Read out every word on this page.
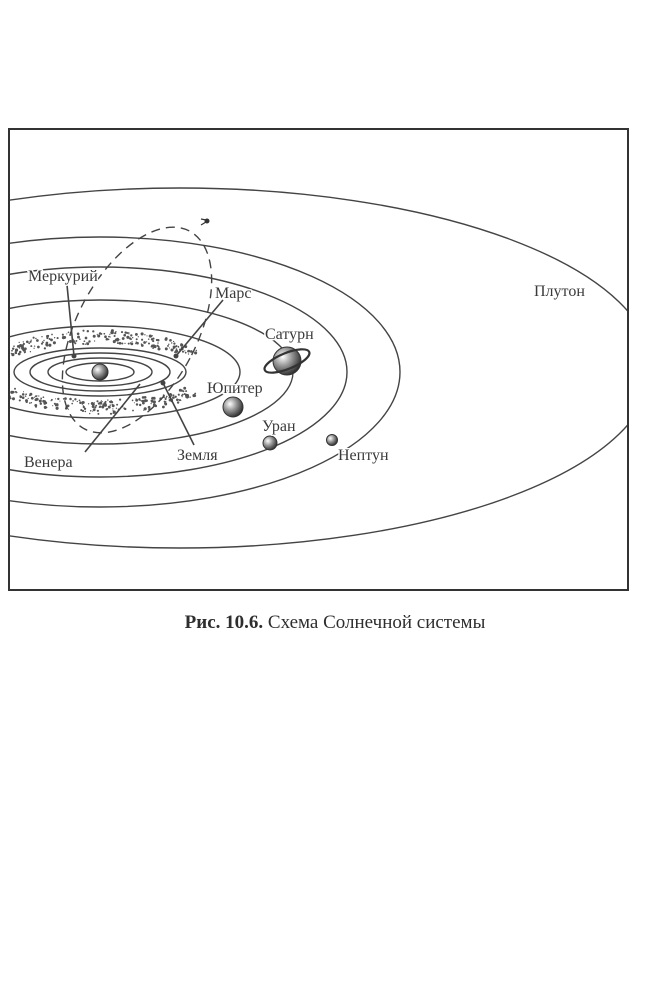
Меркурий
Марс
Сатурн
Юпитер
Венера	Земля
Уран
Нептун
Плутон
Рис. 10.6. Схема Солнечной системы
